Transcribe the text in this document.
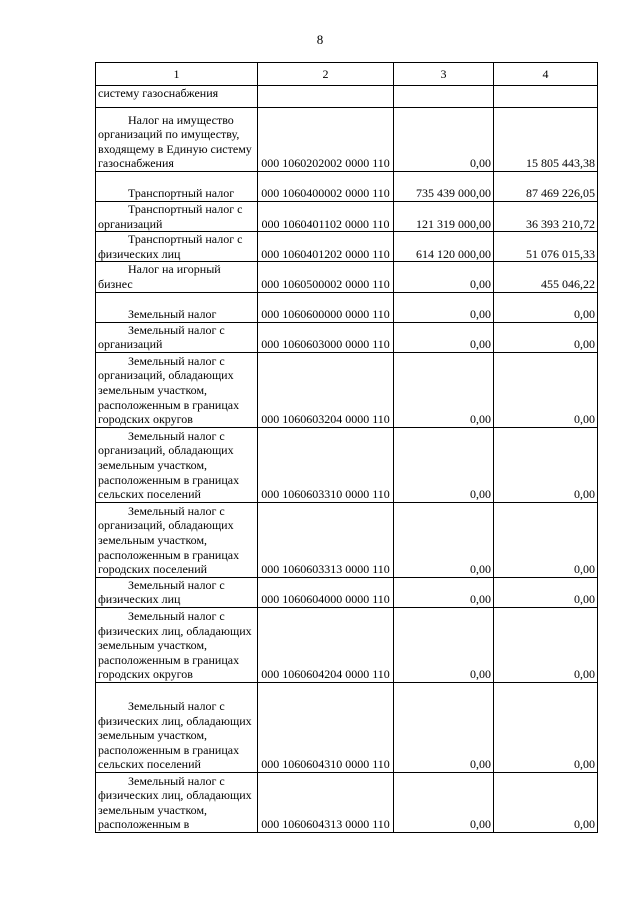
8
1	2	3	4
систему газоснабжения			
Налог на имущество организаций по имуществу, входящему в Единую систему газоснабжения	000 1060202002 0000 110	0,00	15 805 443,38
Транспортный налог	000 1060400002 0000 110	735 439 000,00	87 469 226,05
Транспортный налог с организаций	000 1060401102 0000 110	121 319 000,00	36 393 210,72
Транспортный налог с физических лиц	000 1060401202 0000 110	614 120 000,00	51 076 015,33
Налог на игорный бизнес	000 1060500002 0000 110	0,00	455 046,22
Земельный налог	000 1060600000 0000 110	0,00	0,00
Земельный налог с организаций	000 1060603000 0000 110	0,00	0,00
Земельный налог с организаций, обладающих земельным участком, расположенным в границах городских округов	000 1060603204 0000 110	0,00	0,00
Земельный налог с организаций, обладающих земельным участком, расположенным в границах сельских поселений	000 1060603310 0000 110	0,00	0,00
Земельный налог с организаций, обладающих земельным участком, расположенным в границах городских поселений	000 1060603313 0000 110	0,00	0,00
Земельный налог с физических лиц	000 1060604000 0000 110	0,00	0,00
Земельный налог с физических лиц, обладающих земельным участком, расположенным в границах городских округов	000 1060604204 0000 110	0,00	0,00
Земельный налог с физических лиц, обладающих земельным участком, расположенным в границах сельских поселений	000 1060604310 0000 110	0,00	0,00
Земельный налог с физических лиц, обладающих земельным участком, расположенным в	000 1060604313 0000 110	0,00	0,00
